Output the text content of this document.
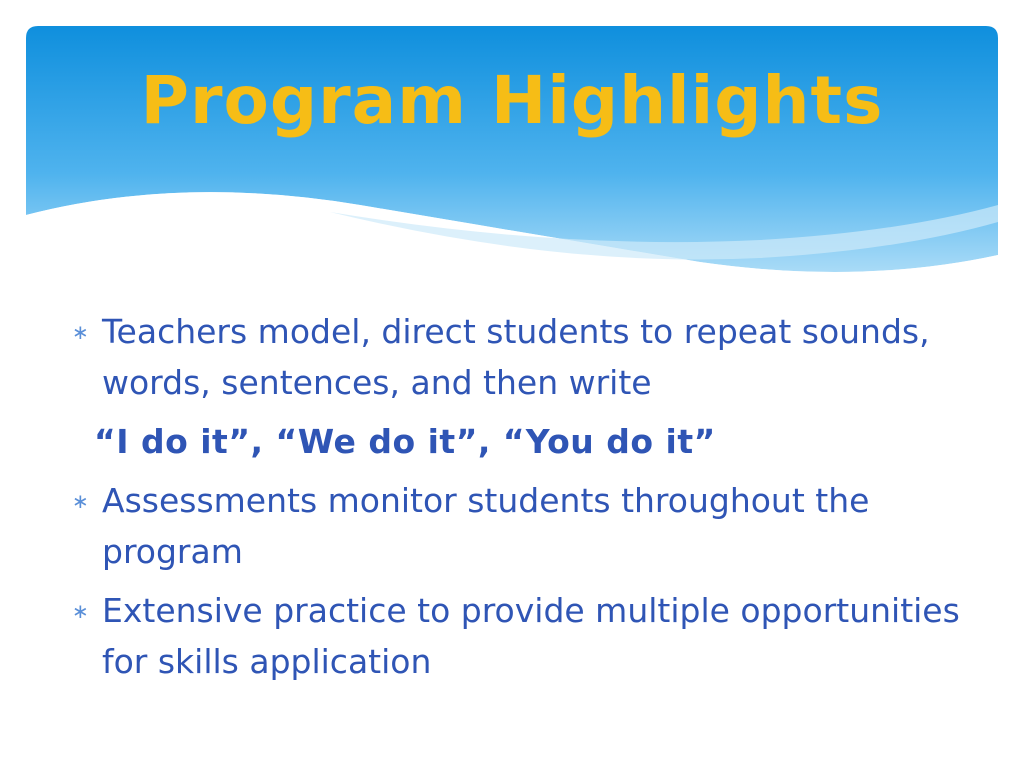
Program Highlights

∗ Teachers model, direct students to repeat sounds, words, sentences, and then write

“I do it”, “We do it”, “You do it”

∗ Assessments monitor students throughout the program

∗ Extensive practice to provide multiple opportunities for skills application
